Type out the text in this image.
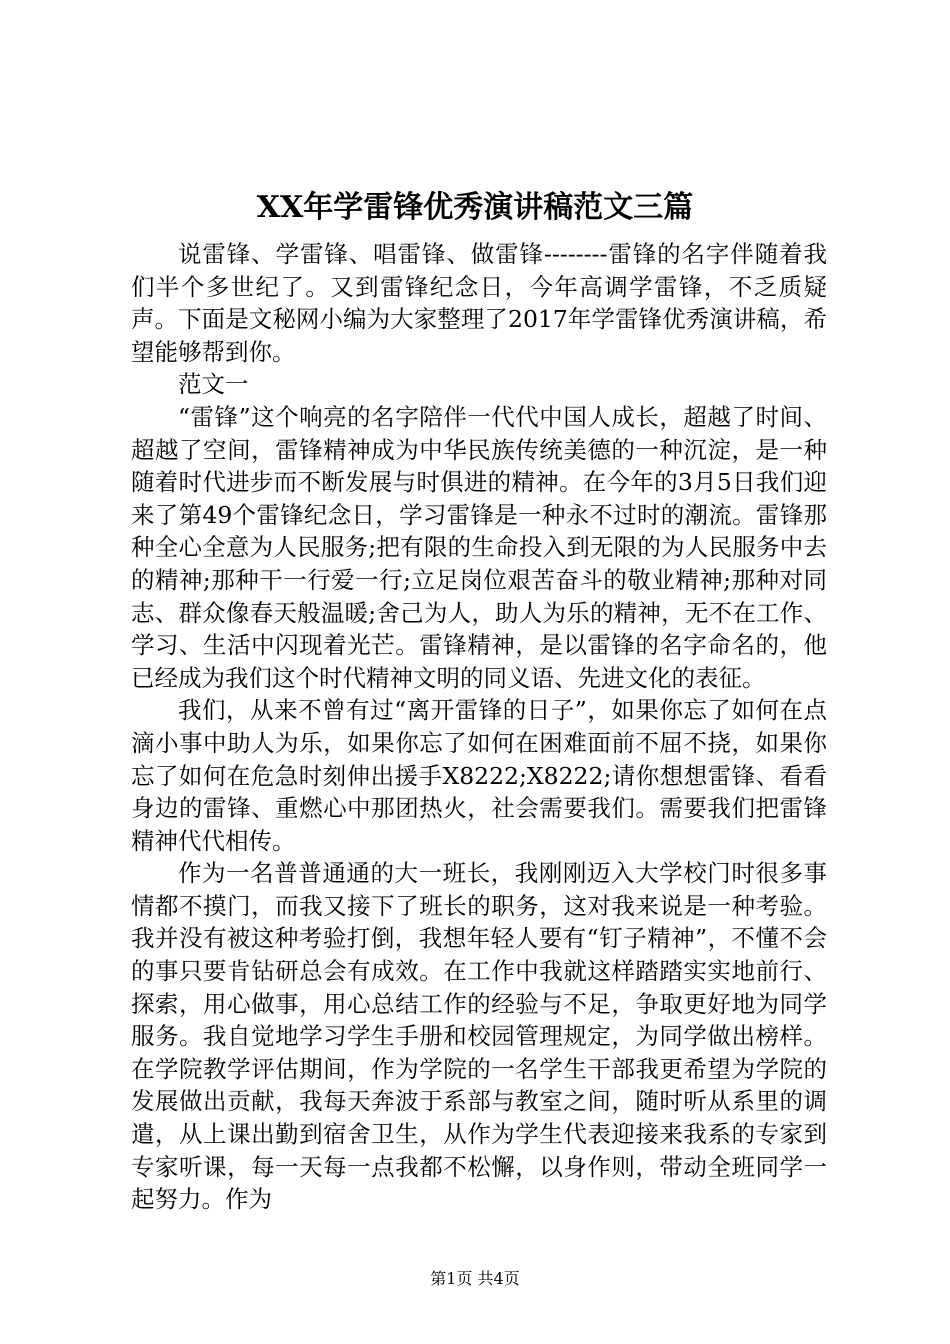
XX年学雷锋优秀演讲稿范文三篇

说雷锋、学雷锋、唱雷锋、做雷锋--------雷锋的名字伴随着我们半个多世纪了。又到雷锋纪念日，今年高调学雷锋，不乏质疑声。下面是文秘网小编为大家整理了2017年学雷锋优秀演讲稿，希望能够帮到你。

范文一

“雷锋”这个响亮的名字陪伴一代代中国人成长，超越了时间、超越了空间，雷锋精神成为中华民族传统美德的一种沉淀，是一种随着时代进步而不断发展与时俱进的精神。在今年的3月5日我们迎来了第49个雷锋纪念日，学习雷锋是一种永不过时的潮流。雷锋那种全心全意为人民服务;把有限的生命投入到无限的为人民服务中去的精神;那种干一行爱一行;立足岗位艰苦奋斗的敬业精神;那种对同志、群众像春天般温暖;舍己为人，助人为乐的精神，无不在工作、学习、生活中闪现着光芒。雷锋精神，是以雷锋的名字命名的，他已经成为我们这个时代精神文明的同义语、先进文化的表征。

我们，从来不曾有过“离开雷锋的日子”，如果你忘了如何在点滴小事中助人为乐，如果你忘了如何在困难面前不屈不挠，如果你忘了如何在危急时刻伸出援手X8222;X8222;请你想想雷锋、看看身边的雷锋、重燃心中那团热火，社会需要我们。需要我们把雷锋精神代代相传。

作为一名普普通通的大一班长，我刚刚迈入大学校门时很多事情都不摸门，而我又接下了班长的职务，这对我来说是一种考验。我并没有被这种考验打倒，我想年轻人要有“钉子精神”，不懂不会的事只要肯钻研总会有成效。在工作中我就这样踏踏实实地前行、探索，用心做事，用心总结工作的经验与不足，争取更好地为同学服务。我自觉地学习学生手册和校园管理规定，为同学做出榜样。在学院教学评估期间，作为学院的一名学生干部我更希望为学院的发展做出贡献，我每天奔波于系部与教室之间，随时听从系里的调遣，从上课出勤到宿舍卫生，从作为学生代表迎接来我系的专家到专家听课，每一天每一点我都不松懈，以身作则，带动全班同学一起努力。作为

第1页 共4页
